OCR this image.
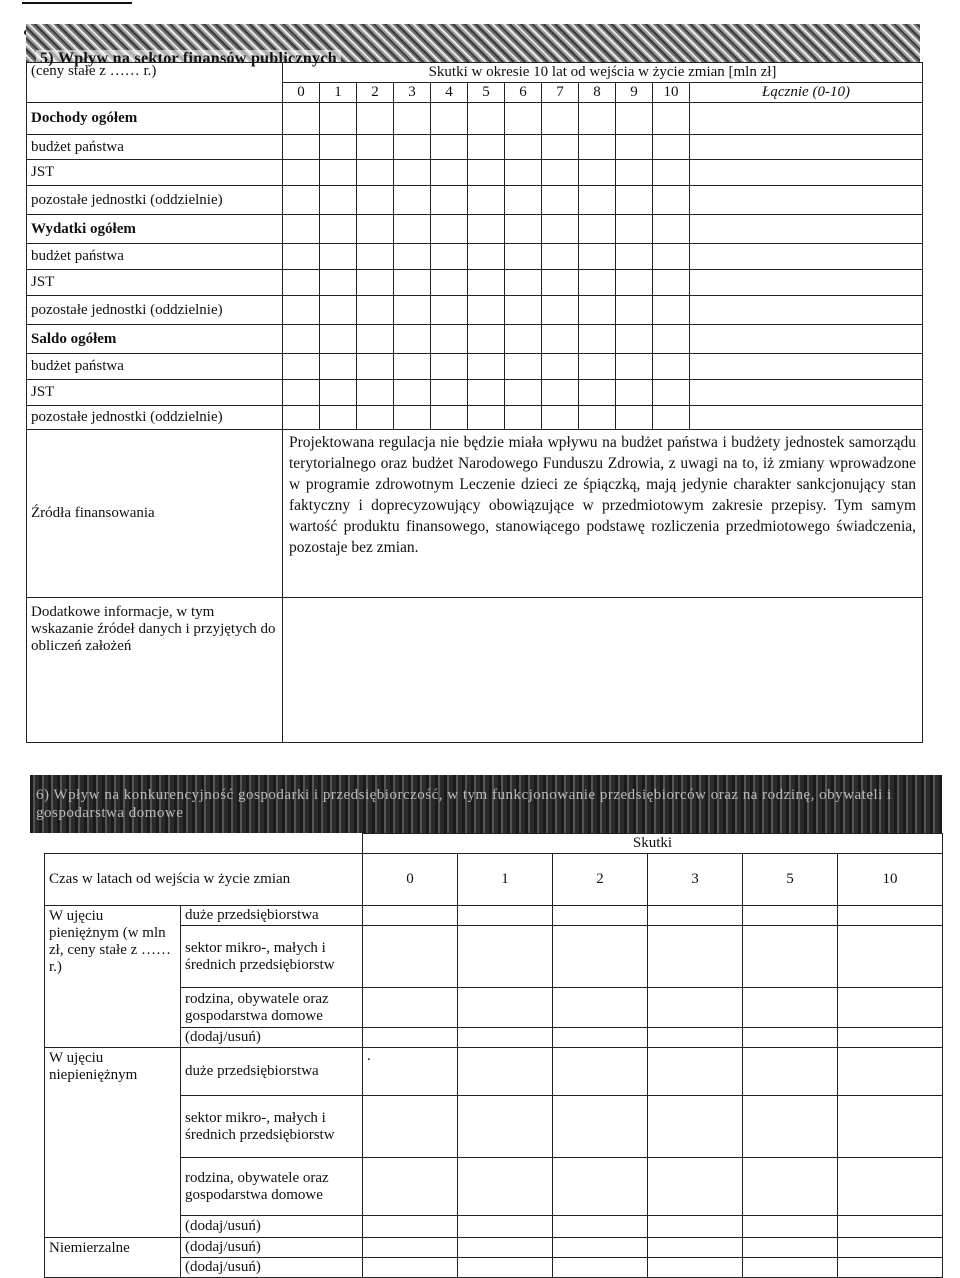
5) Wpływ na sektor finansów publicznych
(ceny stałe z …… r.)	Skutki w okresie 10 lat od wejścia w życie zmian [mln zł]											
	0	1	2	3	4	5	6	7	8	9	10	Łącznie (0-10)
Dochody ogółem												
budżet państwa												
JST												
pozostałe jednostki (oddzielnie)												
Wydatki ogółem												
budżet państwa												
JST												
pozostałe jednostki (oddzielnie)												
Saldo ogółem												
budżet państwa												
JST												
pozostałe jednostki (oddzielnie)												
Źródła finansowania	Projektowana regulacja nie będzie miała wpływu na budżet państwa i budżety jednostek samorządu terytorialnego oraz budżet Narodowego Funduszu Zdrowia, z uwagi na to, iż zmiany wprowadzone w programie zdrowotnym Leczenie dzieci ze śpiączką, mają jedynie charakter sankcjonujący stan faktyczny i doprecyzowujący obowiązujące w przedmiotowym zakresie przepisy. Tym samym wartość produktu finansowego, stanowiącego podstawę rozliczenia przedmiotowego świadczenia, pozostaje bez zmian.											
Dodatkowe informacje, w tym wskazanie źródeł danych i przyjętych do obliczeń założeń												
6) Wpływ na konkurencyjność gospodarki i przedsiębiorczość, w tym funkcjonowanie przedsiębiorców oraz na rodzinę, obywateli i gospodarstwa domowe
		Skutki						
Czas w latach od wejścia w życie zmian		0	1	2	3	5	10	
W ujęciu pieniężnym (w mln zł, ceny stałe z …… r.)	duże przedsiębiorstwa							
	sektor mikro-, małych i średnich przedsiębiorstw							
	rodzina, obywatele oraz gospodarstwa domowe							
	(dodaj/usuń)							
W ujęciu niepieniężnym	duże przedsiębiorstwa	.						
	sektor mikro-, małych i średnich przedsiębiorstw							
	rodzina, obywatele oraz gospodarstwa domowe							
	(dodaj/usuń)							
Niemierzalne	(dodaj/usuń)							
	(dodaj/usuń)							
